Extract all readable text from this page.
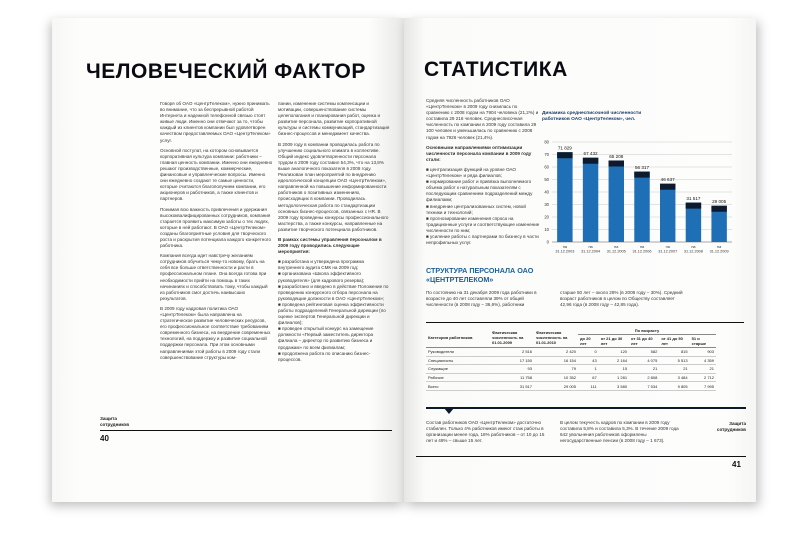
ЧЕЛОВЕЧЕСКИЙ ФАКТОР

Говоря об ОАО «ЦентрТелеком», нужно принимать во внимание, что за беспрерывной работой Интернета и надежной телефонной связью стоят живые люди. Именно они отвечают за то, чтобы каждый из клиентов компании был удовлетворен качеством предоставляемых ОАО «ЦентрТелеком» услуг.

Основной постулат, на котором основывается корпоративная культура компании: работники – главная ценность компании. Именно они ежедневно решают производственные, коммерческие, финансовые и управленческие вопросы. Именно они ежедневно создают те самые ценности, которые считаются благополучием компании, его акционеров и работников, а также клиентов и партнеров.

Понимая всю важность привлечения и удержания высококвалифицированных сотрудников, компания старается проявить максимум заботы о тех людях, которые в ней работают. В ОАО «ЦентрТелеком» созданы благоприятные условия для творческого роста и раскрытия потенциала каждого конкретного работника.

Компания всегда идет навстречу желаниям сотрудников обучиться чему-то новому, брать на себя все больше ответственности и расти в профессиональном плане. Она всегда готова при необходимости прийти на помощь в таких начинаниях и способствовать тому, чтобы каждый из работников смог достичь наивысших результатов.

В 2009 году кадровая политика ОАО «ЦентрТелеком» была направлена на стратегическое развитие человеческих ресурсов, его профессиональное соответствие требованиям современного бизнеса, на внедрение современных технологий, на поддержку и развитие социальной поддержки персонала. При этом основными направлениями этой работы в 2009 году стали совершенствование структуры ком-

пании, изменение системы компенсации и мотивации, совершенствование системы целеполагания и планирования работ, оценка и развитие персонала, развитие корпоративной культуры и системы коммуникаций, стандартизация бизнес-процессов и менеджмент качества.

В 2009 году в компании проводилась работа по улучшению социального климата в коллективе. Общий индекс удовлетворенности персонала трудом в 2009 году составил 54,3%, что на 13,8% выше аналогичного показателя в 2008 году. Реализован план мероприятий по внедрению идеологической концепции ОАО «ЦентрТелеком», направленной на повышение информированности работников о позитивных изменениях, происходящих в компании. Проводилась методологическая работа по стандартизации основных бизнес-процессов, связанных с HR. В 2009 году проведены конкурсы профессионального мастерства, а также конкурсы, направленные на развитие творческого потенциала работников.

В рамках системы управления персоналом в 2009 году проводились следующие мероприятия:

■ разработана и утверждена программа внутреннего аудита СМК на 2009 год;
■ организована «Школа эффективного руководителя» (для кадрового резерва);
■ разработано и введено в действие Положение по проведению конкурсного отбора персонала на руководящие должности в ОАО «ЦентрТелеком»;
■ проведена рейтинговая оценка эффективности работы подразделений Генеральной дирекции (по оценке экспертов Генеральной дирекции и филиалов);
■ проведен открытый конкурс на замещение должности «Первый заместитель директора филиала – директор по развитию бизнеса и продажам» по всем филиалам;
■ продолжена работа по описанию бизнес-процессов.
Защита сотрудников
40
СТАТИСТИКА

Средняя численность работников ОАО «ЦентрТелеком» в 2009 году снизилась по сравнению с 2008 годом на 7904 человека (21,2%) и составила 29 216 человек. Среднесписочная численность по компании в 2009 году составила 29 100 человек и уменьшилась по сравнению с 2008 годом на 7926 человек (21,4%).

Основными направлениями оптимизации численности персонала компании в 2009 году стали:

■ централизация функций на уровне ОАО «ЦентрТелеком» и ряда филиалов;
■ нормирование работ и привязка выполняемого объема работ к натуральным показателям с последующим сравнением подразделений между филиалами;
■ внедрение централизованных систем, новой техники и технологий;
■ прогнозирование изменения спроса на традиционные услуги и соответствующее изменение численности по ним;
■ усиление работы с партнерами по бизнесу в части непрофильных услуг.
Динамика среднесписочной численности работников ОАО «ЦентрТелеком», чел.
0
10
20
30
40
50
60
70
80
71 829
на 31.12.2003
67 432
на 31.12.2004
65 208
на 31.12.2005
56 317
на 31.12.2006
46 637
на 31.12.2007
31 517
на 31.12.2008
29 005
на 31.12.2009
СТРУКТУРА ПЕРСОНАЛА ОАО «ЦЕНТРТЕЛЕКОМ»
По состоянию на 31 декабря 2009 года работники в возрасте до 40 лет составляли 39% от общей численности (в 2008 году – 36,6%), работники
старше 50 лет – около 28% (в 2008 году – 30%). Средний возраст работников в целом по Обществу составляет 42,96 года (в 2008 году – 42,85 года).
Категория работников	Фактическая численность на 01.01.2009	Фактическая численность на 01.01.2010	По возрасту				
			до 20 лет	от 21 до 30 лет	от 31 до 40 лет	от 41 до 50 лет	51 и старше
Руководители	2 516	2 420	0	120	582	815	903
Специалисты	17 150	16 154	43	2 164	4 075	5 513	4 359
Служащие	93	79	1	15	21	21	21
Рабочие	11 758	10 352	67	1 281	2 808	3 484	2 712
Всего	31 517	29 005	111	3 580	7 534	9 805	7 995
Состав работников ОАО «ЦентрТелеком» достаточно стабилен. Только 4% работников имеют стаж работы в организации менее года, 18% работников – от 10 до 15 лет и 48% – свыше 15 лет.
В целом текучесть кадров по компании в 2009 году составила 5,8% и составила 5,3%. В течение 2009 года 642 увольнения работников оформлены негосударственные пенсии (в 2008 году – 1 673).
Защита сотрудников
41
